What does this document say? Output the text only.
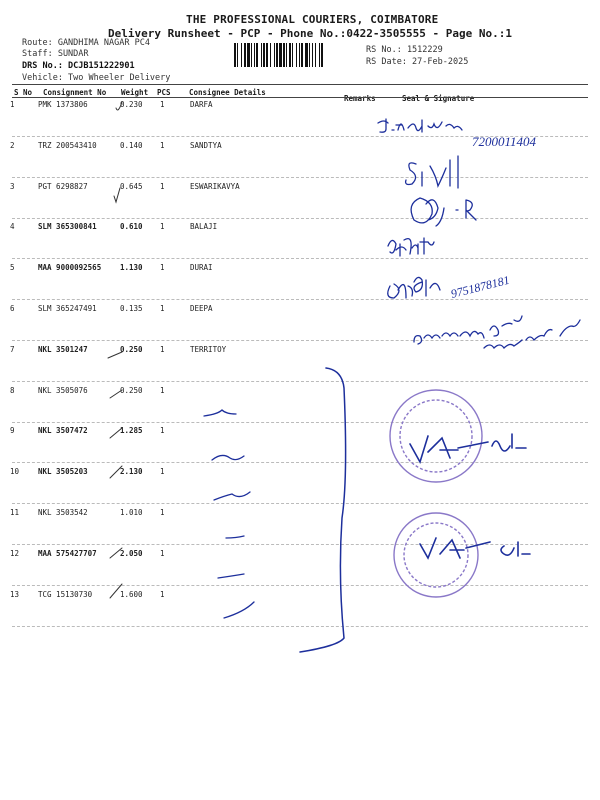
THE PROFESSIONAL COURIERS, COIMBATORE
Delivery Runsheet - PCP - Phone No.:0422-3505555 - Page No.:1
Route: GANDHIMA NAGAR PC4
Staff: SUNDAR
DRS No.: DCJB151222901
Vehicle: Two Wheeler Delivery
RS No.: 1512229
RS Date: 27-Feb-2025
S No Consignment No Weight PCS Consignee Details
Remarks	Seal & Signature
1	PMK 1373806	0.230 1	DARFA
2	TRZ 200543410	0.140 1	SANDTYA
3	PGT 6298827	0.645 1	ESWARIKAVYA
4	SLM 365300841	0.610 1	BALAJI
5	MAA 9000092565	1.130 1	DURAI
6	SLM 365247491	0.135 1	DEEPA
7	NKL 3501247	0.250 1	TERRITOY
8	NKL 3505076	0.250 1
9	NKL 3507472	1.285 1
10	NKL 3505203	2.130 1
11	NKL 3503542	1.010 1
12	MAA 575427707	2.050 1
13	TCG 15130730	1.600 1
7200011404
9751878181
